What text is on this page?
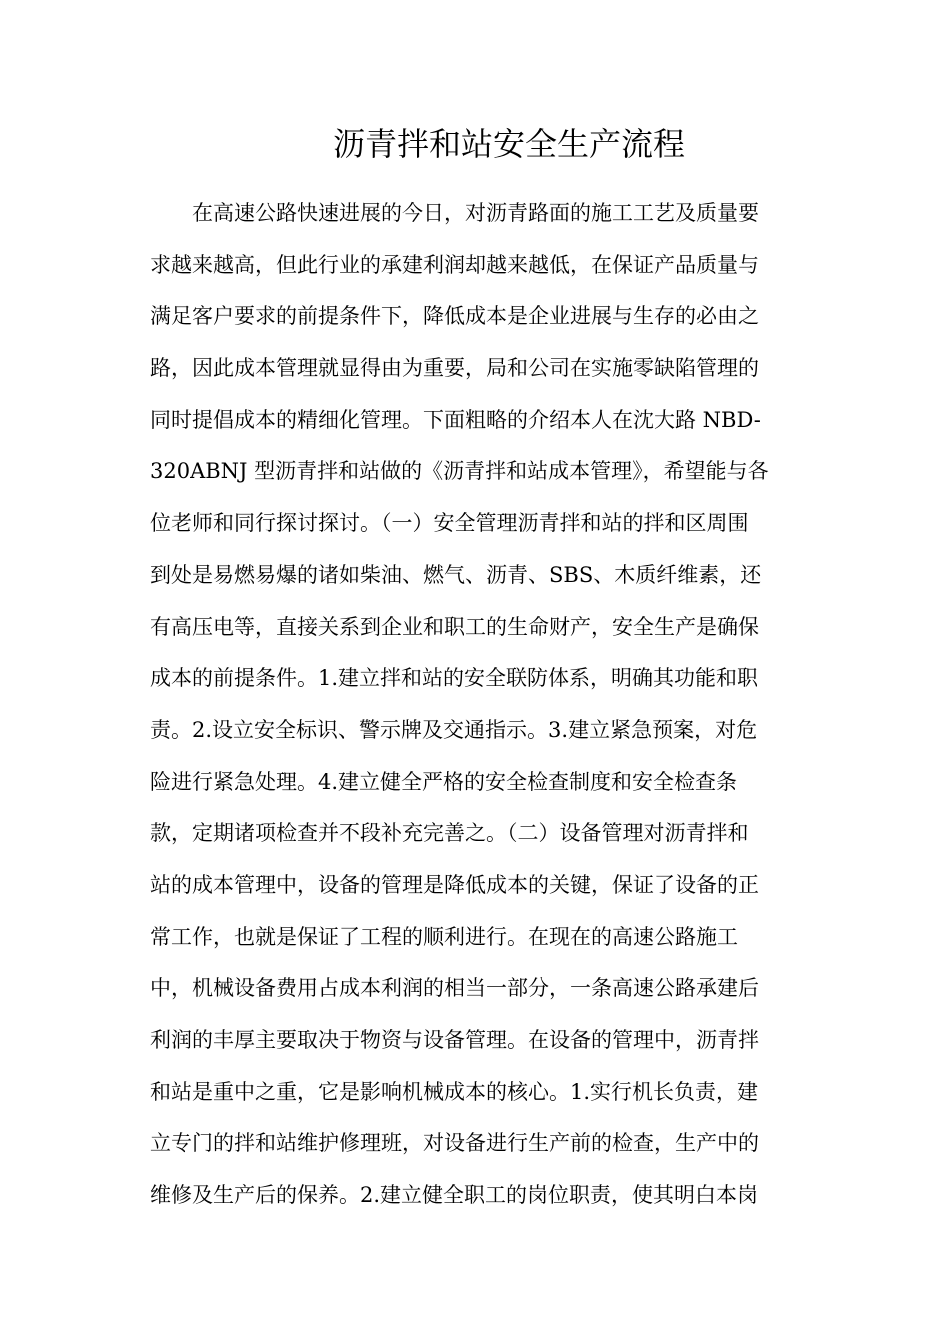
沥青拌和站安全生产流程
　　在高速公路快速进展的今日，对沥青路面的施工工艺及质量要
求越来越高，但此行业的承建利润却越来越低，在保证产品质量与
满足客户要求的前提条件下，降低成本是企业进展与生存的必由之
路，因此成本管理就显得由为重要，局和公司在实施零缺陷管理的
同时提倡成本的精细化管理。下面粗略的介绍本人在沈大路 NBD-
320ABNJ 型沥青拌和站做的《沥青拌和站成本管理》，希望能与各
位老师和同行探讨探讨。（一）安全管理沥青拌和站的拌和区周围
到处是易燃易爆的诸如柴油、燃气、沥青、SBS、木质纤维素，还
有高压电等，直接关系到企业和职工的生命财产，安全生产是确保
成本的前提条件。1.建立拌和站的安全联防体系，明确其功能和职
责。2.设立安全标识、警示牌及交通指示。3.建立紧急预案，对危
险进行紧急处理。4.建立健全严格的安全检查制度和安全检查条
款，定期诸项检查并不段补充完善之。（二）设备管理对沥青拌和
站的成本管理中，设备的管理是降低成本的关键，保证了设备的正
常工作，也就是保证了工程的顺利进行。在现在的高速公路施工
中，机械设备费用占成本利润的相当一部分，一条高速公路承建后
利润的丰厚主要取决于物资与设备管理。在设备的管理中，沥青拌
和站是重中之重，它是影响机械成本的核心。1.实行机长负责，建
立专门的拌和站维护修理班，对设备进行生产前的检查，生产中的
维修及生产后的保养。2.建立健全职工的岗位职责，使其明白本岗
